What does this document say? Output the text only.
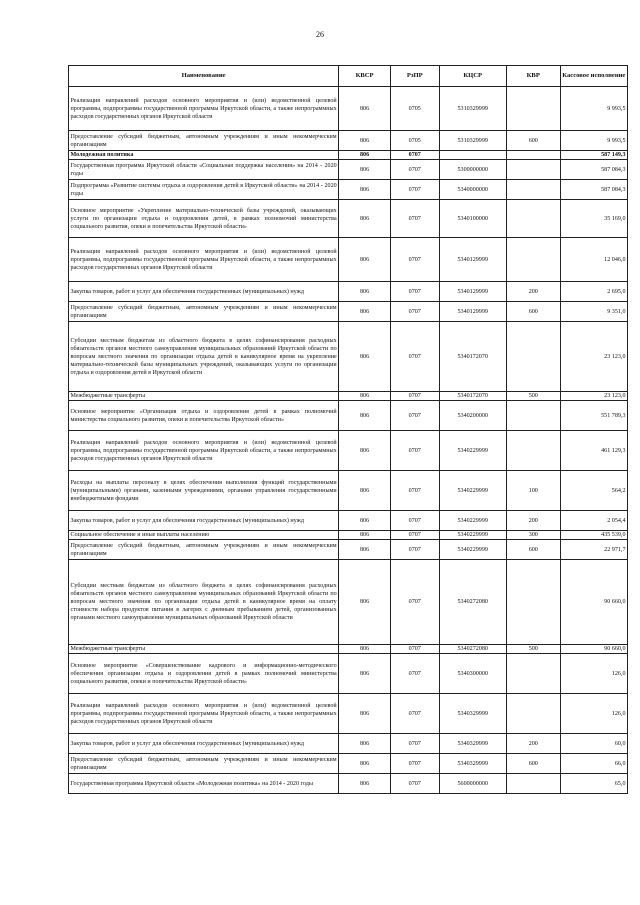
26
Наименование	КВСР	РзПР	КЦСР	КВР	Кассовое исполнение
Реализация направлений расходов основного мероприятия и (или) ведомственной целевой программы, подпрограммы государственной программы Иркутской области, а также непрограммных расходов государственных органов Иркутской области	806	0705	5310329999		9 993,5
Предоставление субсидий бюджетным, автономным учреждениям и иным некоммерческим организациям	806	0705	5310329999	600	9 993,5
Молодежная политика	806	0707			587 149,3
Государственная программа Иркутской области «Социальная поддержка населения» на 2014 - 2020 годы	806	0707	5300000000		587 084,3
Подпрограмма «Развитие системы отдыха и оздоровления детей в Иркутской области» на 2014 - 2020 годы	806	0707	5340000000		587 084,3
Основное мероприятие «Укрепление материально-технической базы учреждений, оказывающих услуги по организации отдыха и оздоровления детей, в рамках полномочий министерства социального развития, опеки и попечительства Иркутской области»	806	0707	5340100000		35 169,0
Реализация направлений расходов основного мероприятия и (или) ведомственной целевой программы, подпрограммы государственной программы Иркутской области, а также непрограммных расходов государственных органов Иркутской области	806	0707	5340129999		12 046,0
Закупка товаров, работ и услуг для обеспечения государственных (муниципальных) нужд	806	0707	5340129999	200	2 695,0
Предоставление субсидий бюджетным, автономным учреждениям и иным некоммерческим организациям	806	0707	5340129999	600	9 351,0
Субсидии местным бюджетам из областного бюджета в целях софинансирования расходных обязательств органов местного самоуправления муниципальных образований Иркутской области по вопросам местного значения по организации отдыха детей в каникулярное время на укрепление материально-технической базы муниципальных учреждений, оказывающих услуги по организации отдыха и оздоровления детей в Иркутской области	806	0707	5340172070		23 123,0
Межбюджетные трансферты	806	0707	5340172070	500	23 123,0
Основное мероприятие «Организация отдыха и оздоровления детей в рамках полномочий министерства социального развития, опеки и попечительства Иркутской области»	806	0707	5340200000		551 789,3
Реализация направлений расходов основного мероприятия и (или) ведомственной целевой программы, подпрограммы государственной программы Иркутской области, а также непрограммных расходов государственных органов Иркутской области	806	0707	5340229999		461 129,3
Расходы на выплаты персоналу в целях обеспечения выполнения функций государственными (муниципальными) органами, казенными учреждениями, органами управления государственными внебюджетными фондами	806	0707	5340229999	100	564,2
Закупка товаров, работ и услуг для обеспечения государственных (муниципальных) нужд	806	0707	5340229999	200	2 054,4
Социальное обеспечение и иные выплаты населению	806	0707	5340229999	300	435 539,0
Предоставление субсидий бюджетным, автономным учреждениям и иным некоммерческим организациям	806	0707	5340229999	600	22 971,7
Субсидии местным бюджетам из областного бюджета в целях софинансирования расходных обязательств органов местного самоуправления муниципальных образований Иркутской области по вопросам местного значения по организации отдыха детей в каникулярное время на оплату стоимости набора продуктов питания в лагерях с дневным пребыванием детей, организованных органами местного самоуправления муниципальных образований Иркутской области	806	0707	5340272080		90 660,0
Межбюджетные трансферты	806	0707	5340272080	500	90 660,0
Основное мероприятие «Совершенствование кадрового и информационно-методического обеспечения организации отдыха и оздоровления детей в рамках полномочий министерства социального развития, опеки и попечительства Иркутской области»	806	0707	5340300000		126,0
Реализация направлений расходов основного мероприятия и (или) ведомственной целевой программы, подпрограммы государственной программы Иркутской области, а также непрограммных расходов государственных органов Иркутской области	806	0707	5340329999		126,0
Закупка товаров, работ и услуг для обеспечения государственных (муниципальных) нужд	806	0707	5340329999	200	60,0
Предоставление субсидий бюджетным, автономным учреждениям и иным некоммерческим организациям	806	0707	5340329999	600	66,0
Государственная программа Иркутской области «Молодежная политика» на 2014 - 2020 годы	806	0707	5600000000		65,0
